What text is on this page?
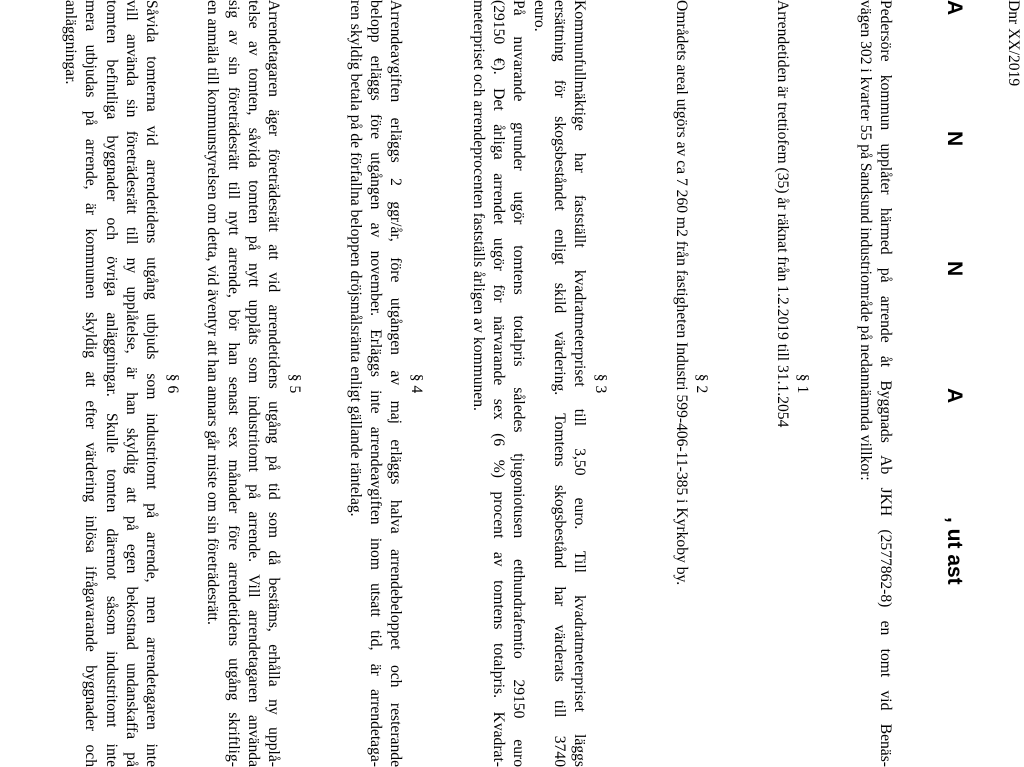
Dnr XX/2019
A
N
N
A
, ut ast
Pedersöre kommun upplåter härmed på arrende åt Byggnads Ab JKH (2577862-8) en tomt vid Benäs-
vägen 302 i kvarter 55 på Sandsund industriområde på nedannämnda villkor:
§ 1
Arrendetiden är trettiofem (35) år räknat från 1.2.2019 till 31.1.2054
§ 2
Områdets areal utgörs av ca 7 260 m2 från fastigheten Industri 599-406-11-385 i Kyrkoby by.
§ 3
Kommunfullmäktige har fastställt kvadratmeterpriset till 3,50 euro. Till kvadratmeterpriset läggs
ersättning för skogsbeståndet enligt skild värdering. Tomtens skogsbestånd har värderats till 3740
euro.
På nuvarande grunder utgör tomtens totalpris således tjugoniotusen etthundrafemtio 29150 euro
(29150 €). Det årliga arrendet utgör för närvarande sex (6 %) procent av tomtens totalpris. Kvadrat-
meterpriset och arrendeprocenten fastställs årligen av kommunen.
§ 4
Arrendeavgiften erläggs 2 ggr/år, före utgången av maj erläggs halva arrendebeloppet och resterande
belopp erläggs före utgången av november. Erläggs inte arrendeavgiften inom utsatt tid, är arrendetaga-
ren skyldig betala på de förfallna beloppen dröjsmålsränta enligt gällande räntelag.
§ 5
Arrendetagaren äger företrädesrätt att vid arrendetidens utgång på tid som då bestäms, erhålla ny upplå-
telse av tomten, såvida tomten på nytt upplåts som industritomt på arrende. Vill arrendetagaren använda
sig av sin företrädesrätt till nytt arrende, bör han senast sex månader före arrendetidens utgång skriftlig-
en anmäla till kommunstyrelsen om detta, vid äventyr att han annars går miste om sin företrädesrätt.
§ 6
Såvida tomterna vid arrendetidens utgång utbjuds som industritomt på arrende, men arrendetagaren inte
vill använda sin företrädesrätt till ny upplåtelse, är han skyldig att på egen bekostnad undanskaffa på
tomten befintliga byggnader och övriga anläggningar. Skulle tomten däremot såsom industritomt inte
mera utbjudas på arrende, är kommunen skyldig att efter värdering inlösa ifrågavarande byggnader och
anläggningar.
